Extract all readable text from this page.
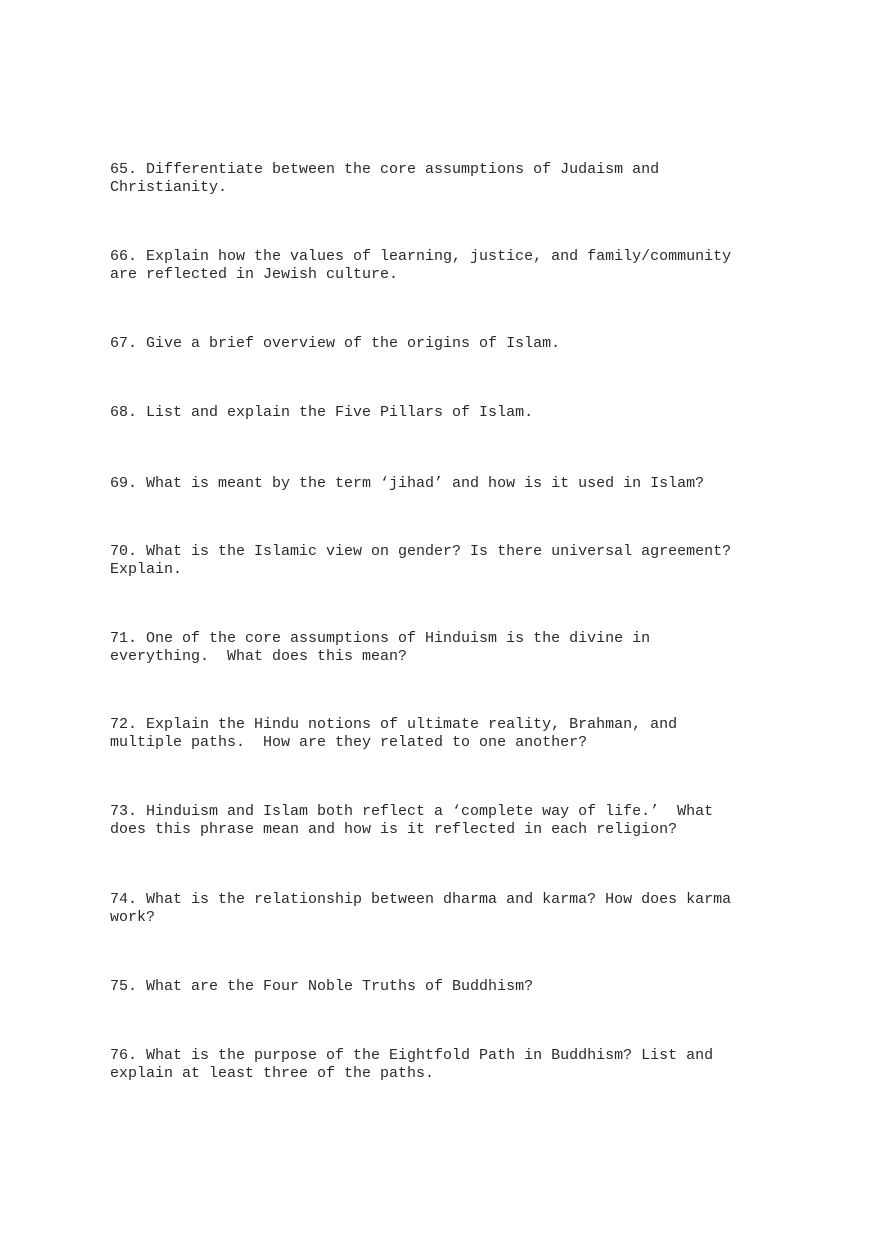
65. Differentiate between the core assumptions of Judaism and
Christianity.

66. Explain how the values of learning, justice, and family/community
are reflected in Jewish culture.

67. Give a brief overview of the origins of Islam.

68. List and explain the Five Pillars of Islam.

69. What is meant by the term ‘jihad’ and how is it used in Islam?

70. What is the Islamic view on gender? Is there universal agreement?
Explain.

71. One of the core assumptions of Hinduism is the divine in
everything.  What does this mean?

72. Explain the Hindu notions of ultimate reality, Brahman, and
multiple paths.  How are they related to one another?

73. Hinduism and Islam both reflect a ‘complete way of life.’  What
does this phrase mean and how is it reflected in each religion?

74. What is the relationship between dharma and karma? How does karma
work?

75. What are the Four Noble Truths of Buddhism?

76. What is the purpose of the Eightfold Path in Buddhism? List and
explain at least three of the paths.
